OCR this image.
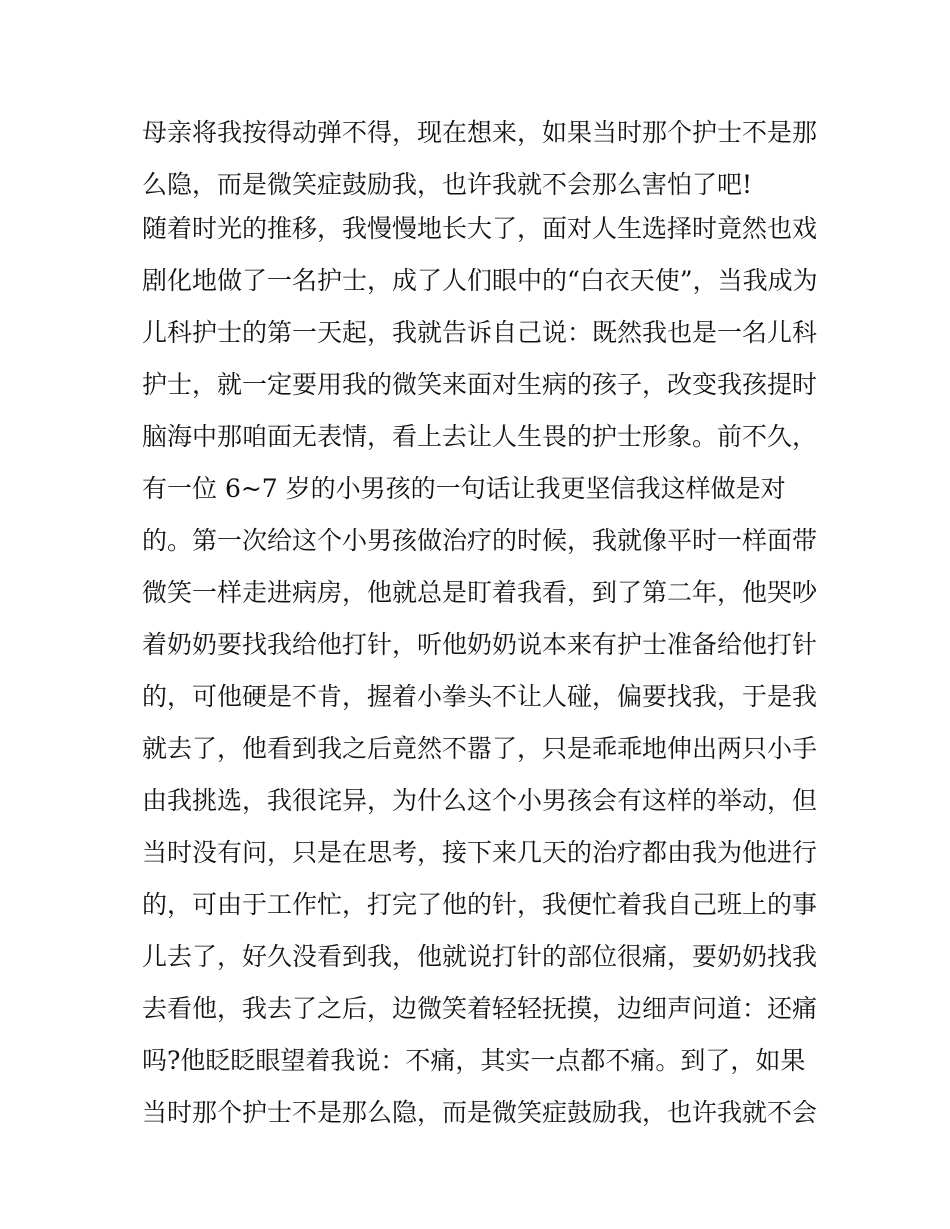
母亲将我按得动弹不得，现在想来，如果当时那个护士不是那
么隐，而是微笑症鼓励我，也许我就不会那么害怕了吧!
随着时光的推移，我慢慢地长大了，面对人生选择时竟然也戏
剧化地做了一名护士，成了人们眼中的“白衣天使”，当我成为
儿科护士的第一天起，我就告诉自己说：既然我也是一名儿科
护士，就一定要用我的微笑来面对生病的孩子，改变我孩提时
脑海中那咱面无表情，看上去让人生畏的护士形象。前不久，
有一位 6~7 岁的小男孩的一句话让我更坚信我这样做是对
的。第一次给这个小男孩做治疗的时候，我就像平时一样面带
微笑一样走进病房，他就总是盯着我看，到了第二年，他哭吵
着奶奶要找我给他打针，听他奶奶说本来有护士准备给他打针
的，可他硬是不肯，握着小拳头不让人碰，偏要找我，于是我
就去了，他看到我之后竟然不嚣了，只是乖乖地伸出两只小手
由我挑选，我很诧异，为什么这个小男孩会有这样的举动，但
当时没有问，只是在思考，接下来几天的治疗都由我为他进行
的，可由于工作忙，打完了他的针，我便忙着我自己班上的事
儿去了，好久没看到我，他就说打针的部位很痛，要奶奶找我
去看他，我去了之后，边微笑着轻轻抚摸，边细声问道：还痛
吗?他眨眨眼望着我说：不痛，其实一点都不痛。到了，如果
当时那个护士不是那么隐，而是微笑症鼓励我，也许我就不会
